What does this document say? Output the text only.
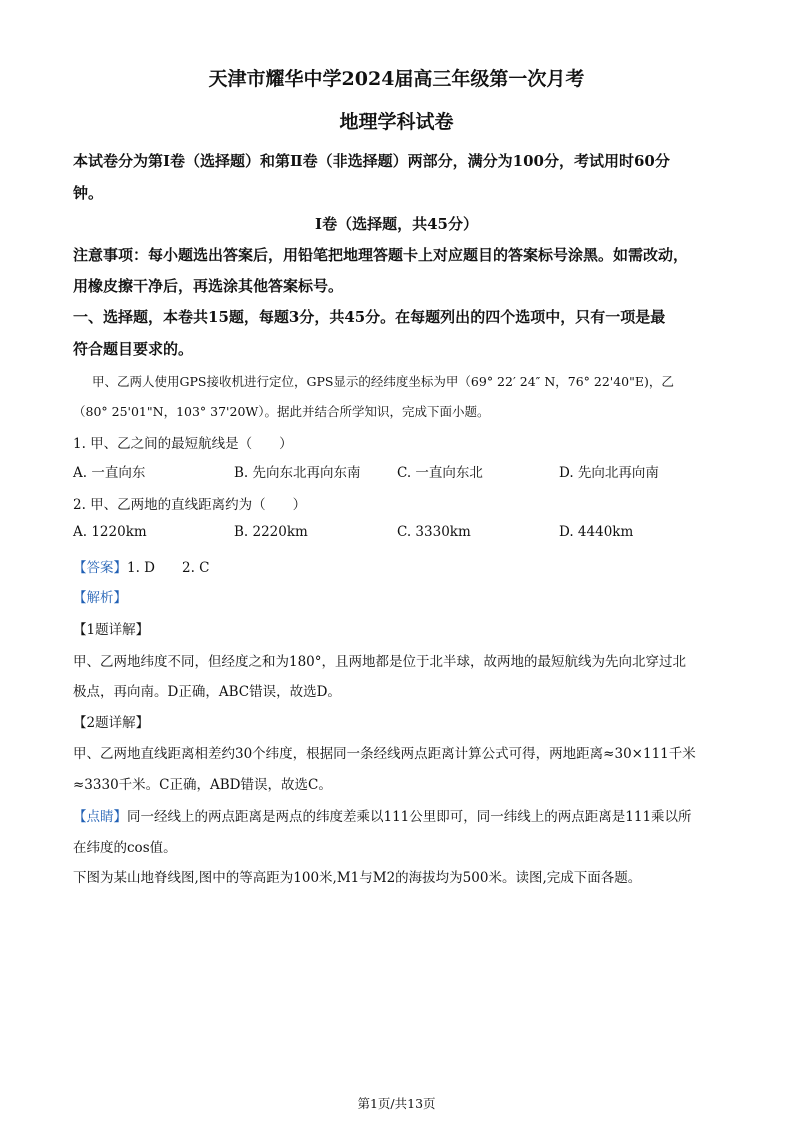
天津市耀华中学2024届高三年级第一次月考
地理学科试卷
本试卷分为第Ⅰ卷（选择题）和第Ⅱ卷（非选择题）两部分，满分为100分，考试用时60分
钟。
Ⅰ卷（选择题，共45分）
注意事项：每小题选出答案后，用铅笔把地理答题卡上对应题目的答案标号涂黑。如需改动，
用橡皮擦干净后，再选涂其他答案标号。
一、选择题，本卷共15题，每题3分，共45分。在每题列出的四个选项中，只有一项是最
符合题目要求的。
甲、乙两人使用GPS接收机进行定位，GPS显示的经纬度坐标为甲（69° 22′ 24″ N，76° 22'40"E)，乙
（80° 25'01"N，103° 37'20W）。据此并结合所学知识，完成下面小题。
1. 甲、乙之间的最短航线是（　　）
A. 一直向东	B. 先向东北再向东南	C. 一直向东北	D. 先向北再向南
2. 甲、乙两地的直线距离约为（　　）
A. 1220km	B. 2220km	C. 3330km	D. 4440km
【答案】1. D　　2. C
【解析】
【1题详解】
甲、乙两地纬度不同，但经度之和为180°，且两地都是位于北半球，故两地的最短航线为先向北穿过北
极点，再向南。D正确，ABC错误，故选D。
【2题详解】
甲、乙两地直线距离相差约30个纬度，根据同一条经线两点距离计算公式可得，两地距离≈30×111千米
≈3330千米。C正确，ABD错误，故选C。
【点睛】同一经线上的两点距离是两点的纬度差乘以111公里即可，同一纬线上的两点距离是111乘以所
在纬度的cos值。
下图为某山地脊线图,图中的等高距为100米,M1与M2的海拔均为500米。读图,完成下面各题。
第1页/共13页
